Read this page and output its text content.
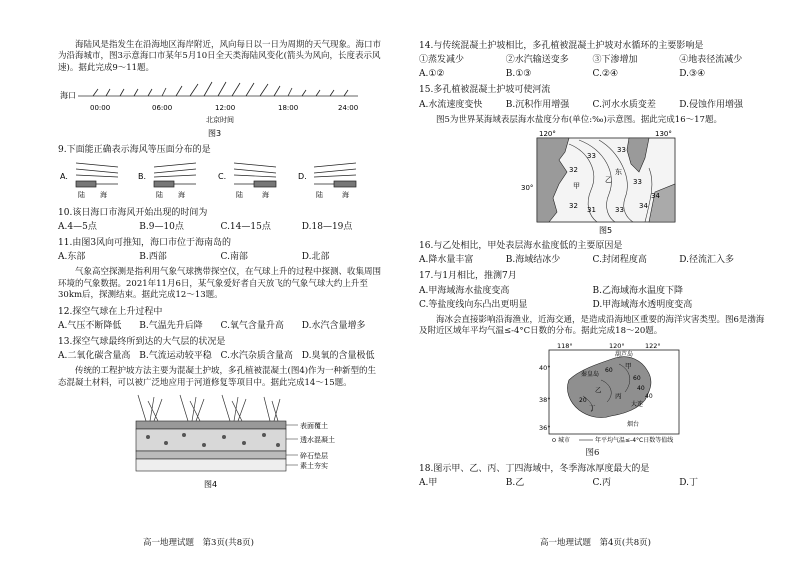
海陆风是指发生在沿海地区海岸附近，风向每日以一日为周期的天气现象。海口市为沿海城市，图3示意海口市某年5月10日全天类海陆风变化(箭头为风向，长度表示风速)。据此完成9～11题。

海口
00:00	06:00	12:00	18:00	24:00
北京时间
图3

9.下面能正确表示海风等压面分布的是

A.
陆 海
B.
陆 海
C.
陆	海
D.
陆	海

10.该日海口市海风开始出现的时间为

A.4—5点	B.9—10点	C.14—15点	D.18—19点

11.由图3风向可推知，海口市位于海南岛的

A.东部	B.西部	C.南部	D.北部

气象高空探测是指利用气象气球携带探空仪，在气球上升的过程中探测、收集周围环境的气象数据。2021年11月6日，某气象爱好者自天放飞的气象气球大约上升至30km后，探测结束。据此完成12～13题。

12.探空气球在上升过程中

A.气压不断降低	B.气温先升后降	C.氧气含量升高	D.水汽含量增多

13.探空气球最终所到达的大气层的状况是

A.二氧化碳含量高 B.气流运动较平稳 C.水汽杂质含量高 D.臭氧的含量极低

传统的工程护坡方法主要为混凝土护坡，多孔植被混凝土(图4)作为一种新型的生态混凝土材料，可以被广泛地应用于河道修复等项目中。据此完成14～15题。

表面覆土
透水混凝土
碎石垫层
素土夯实
图4
高一地理试题　第3页(共8页)

14.与传统混凝土护坡相比，多孔植被混凝土护坡对水循环的主要影响是

①蒸发减少	②水汽输送变多	③下渗增加	④地表径流减少
A.①②	B.①③	C.②④	D.③④

15.多孔植被混凝土护坡可使河流

A.水流速度变快	B.沉积作用增强	C.河水水质变差	D.侵蚀作用增强

图5为世界某海域表层海水盐度分布(单位:‰)示意图。据此完成16～17题。

120°	130°
30°	甲
乙
东
33
32 31	34
33
34
33
32
33
图5

16.与乙处相比，甲处表层海水盐度低的主要原因是

A.降水量丰富	B.海域结冰少	C.封闭程度高	D.径流汇入多

17.与1月相比，推测7月

A.甲海域海水盐度变高	B.乙海域海水温度下降
C.等盐度线向东凸出更明显	D.甲海域海水透明度变高

海冰会直接影响沿海渔业，近海交通，是造成沿海地区重要的海洋灾害类型。图6是渤海及附近区域年平均气温≤-4°C日数的分布。据此完成18～20题。

118°	120°	122°
40°
38°
36°
葫芦岛
秦皇岛
大连
烟台
甲
乙
丙
丁
60
40
20
40
60
城市	年平均气温≤-4°C日数等值线
图6

18.图示甲、乙、丙、丁四海域中，冬季海冰厚度最大的是

A.甲	B.乙	C.丙	D.丁
高一地理试题　第4页(共8页)
